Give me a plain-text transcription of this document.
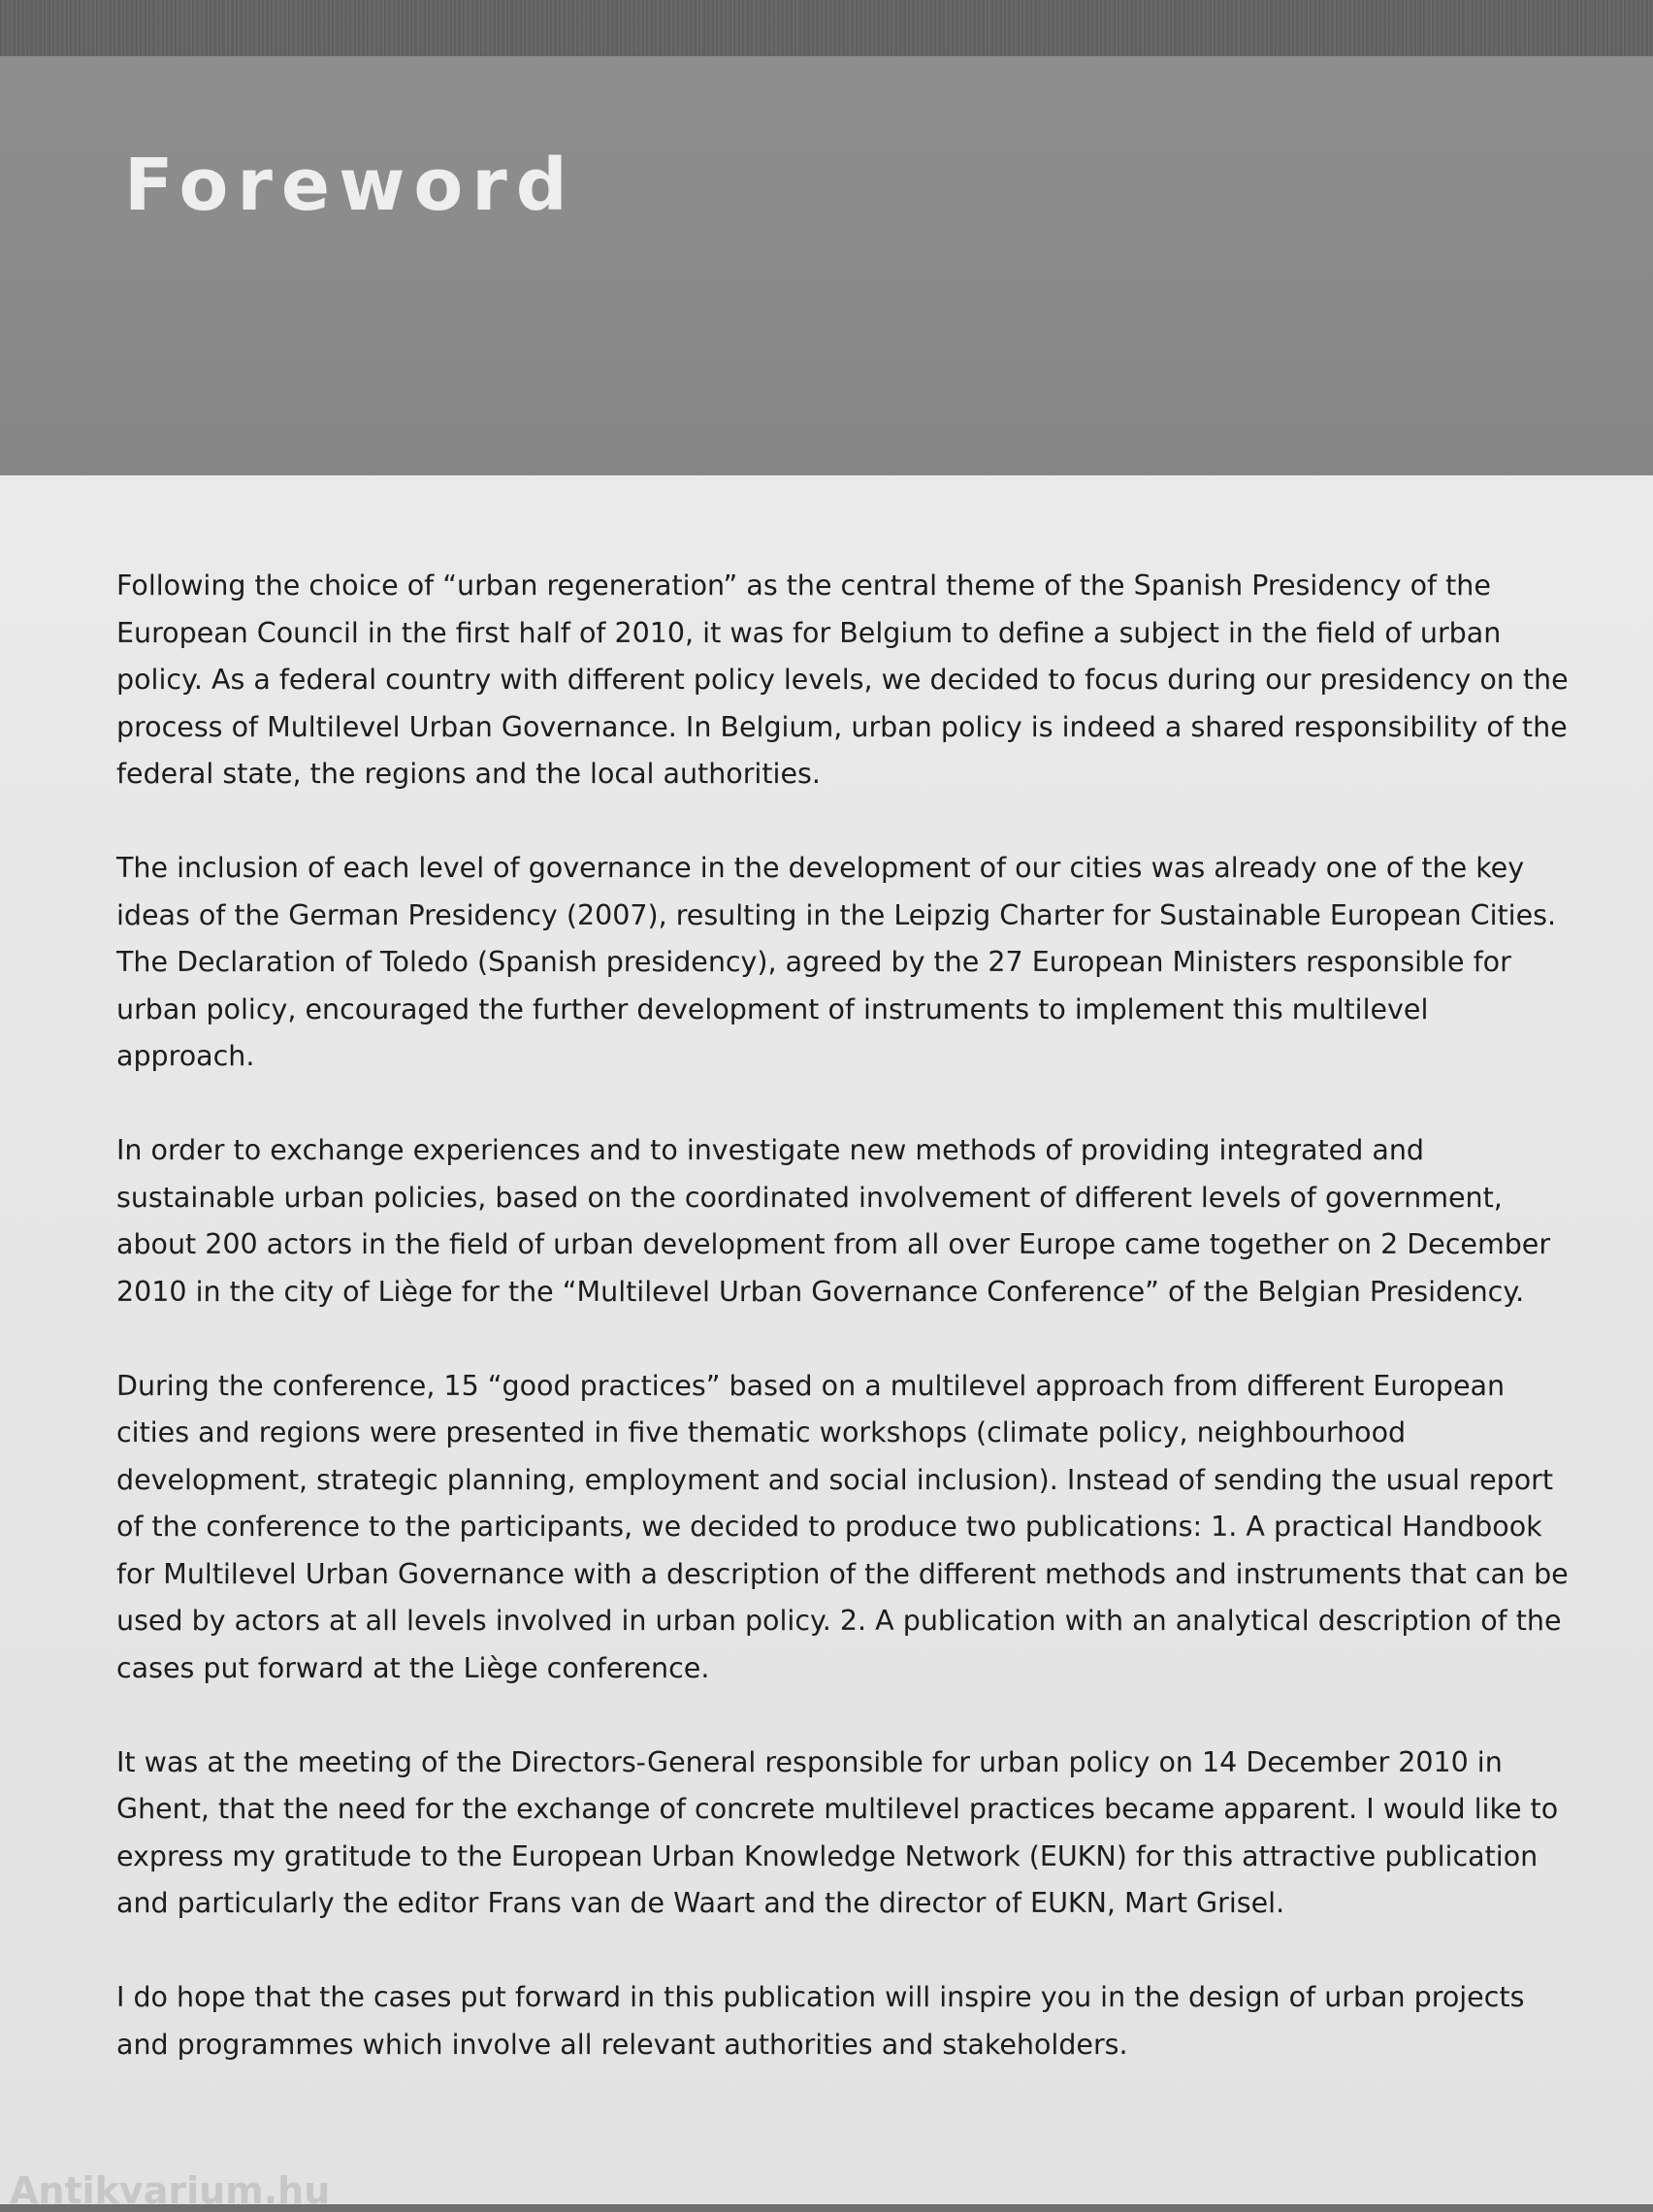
Foreword

Following the choice of “urban regeneration” as the central theme of the Spanish Presidency of the European Council in the first half of 2010, it was for Belgium to define a subject in the field of urban policy. As a federal country with different policy levels, we decided to focus during our presidency on the process of Multilevel Urban Governance. In Belgium, urban policy is indeed a shared responsibility of the federal state, the regions and the local authorities.

The inclusion of each level of governance in the development of our cities was already one of the key ideas of the German Presidency (2007), resulting in the Leipzig Charter for Sustainable European Cities. The Declaration of Toledo (Spanish presidency), agreed by the 27 European Ministers responsible for urban policy, encouraged the further development of instruments to implement this multilevel approach.

In order to exchange experiences and to investigate new methods of providing integrated and sustainable urban policies, based on the coordinated involvement of different levels of government, about 200 actors in the field of urban development from all over Europe came together on 2 December 2010 in the city of Liège for the “Multilevel Urban Governance Conference” of the Belgian Presidency.

During the conference, 15 “good practices” based on a multilevel approach from different European cities and regions were presented in five thematic workshops (climate policy, neighbourhood development, strategic planning, employment and social inclusion). Instead of sending the usual report of the conference to the participants, we decided to produce two publications: 1. A practical Handbook for Multilevel Urban Governance with a description of the different methods and instruments that can be used by actors at all levels involved in urban policy. 2. A publication with an analytical description of the cases put forward at the Liège conference.

It was at the meeting of the Directors-General responsible for urban policy on 14 December 2010 in Ghent, that the need for the exchange of concrete multilevel practices became apparent. I would like to express my gratitude to the European Urban Knowledge Network (EUKN) for this attractive publication and particularly the editor Frans van de Waart and the director of EUKN, Mart Grisel.

I do hope that the cases put forward in this publication will inspire you in the design of urban projects and programmes which involve all relevant authorities and stakeholders.

Antikvarium.hu
